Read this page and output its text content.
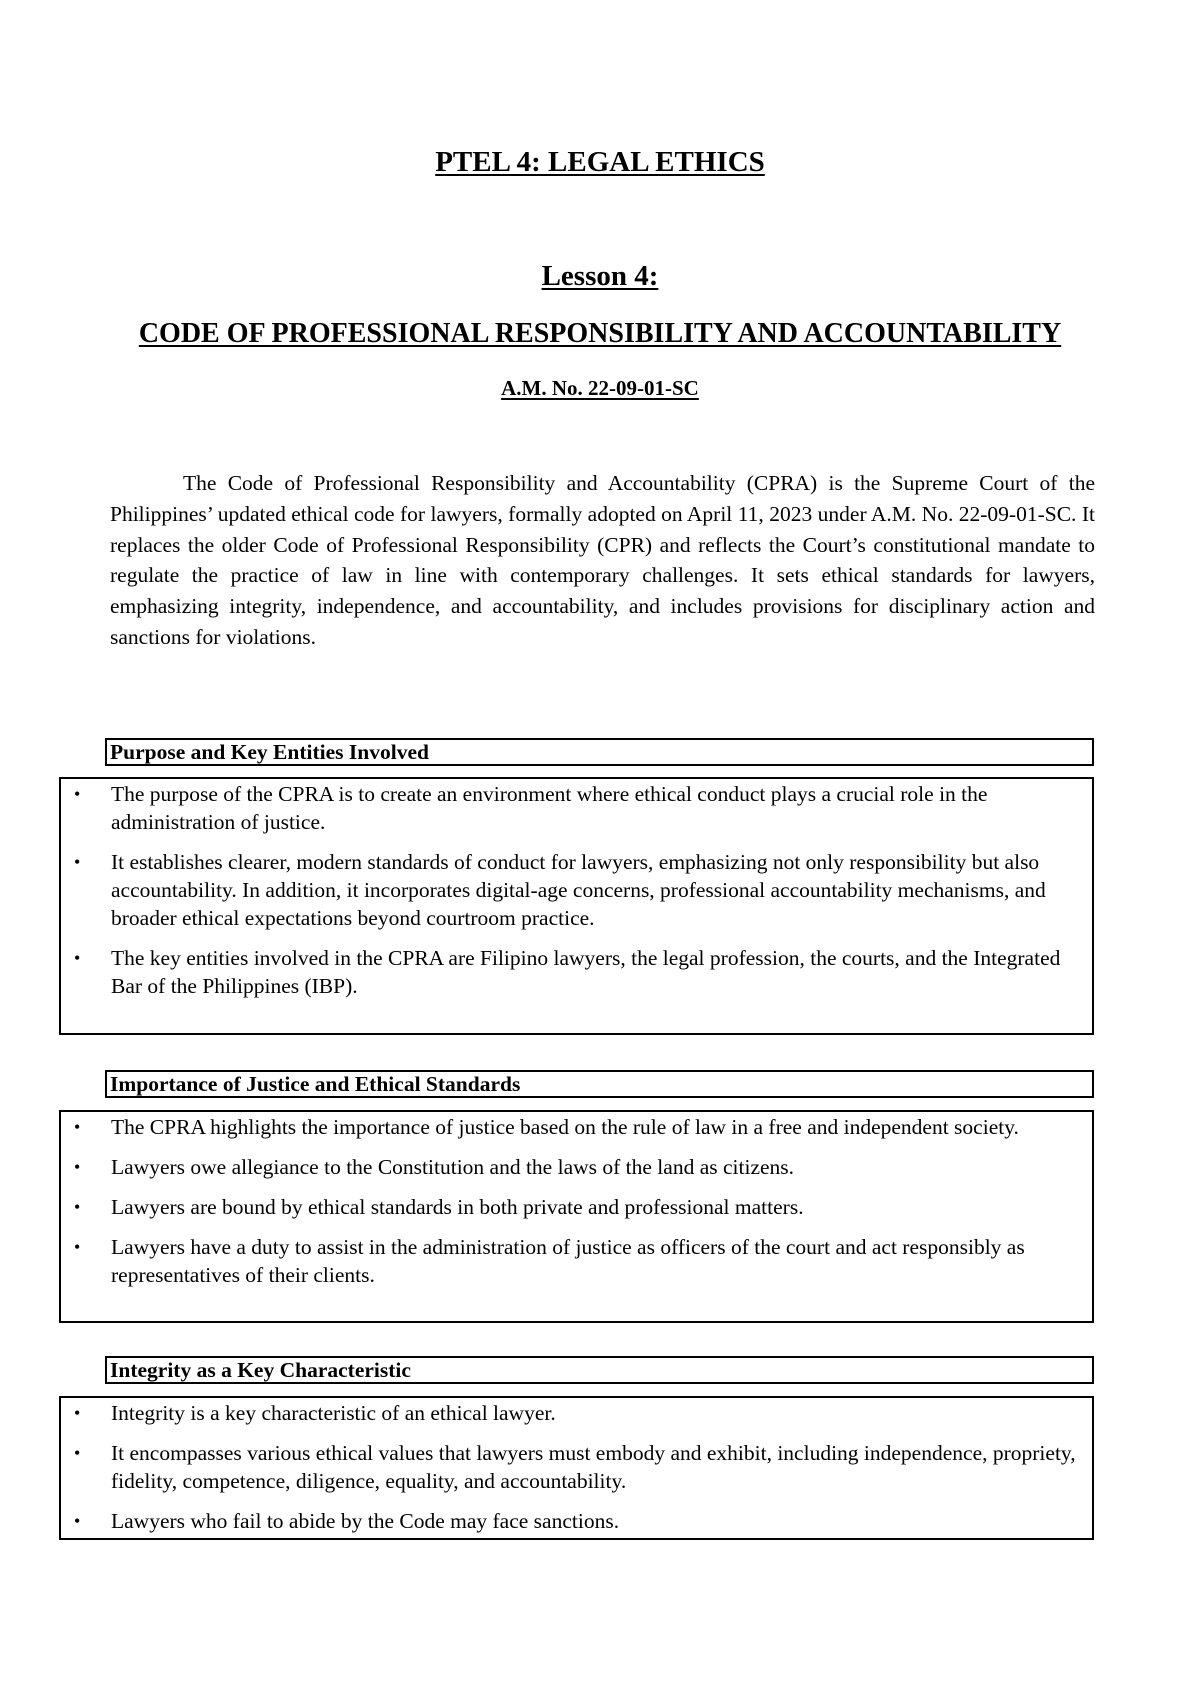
PTEL 4: LEGAL ETHICS
Lesson 4:
CODE OF PROFESSIONAL RESPONSIBILITY AND ACCOUNTABILITY
A.M. No. 22-09-01-SC

The Code of Professional Responsibility and Accountability (CPRA) is the Supreme Court of the Philippines’ updated ethical code for lawyers, formally adopted on April 11, 2023 under A.M. No. 22-09-01-SC. It replaces the older Code of Professional Responsibility (CPR) and reflects the Court’s constitutional mandate to regulate the practice of law in line with contemporary challenges. It sets ethical standards for lawyers, emphasizing integrity, independence, and accountability, and includes provisions for disciplinary action and sanctions for violations.

Purpose and Key Entities Involved
• The purpose of the CPRA is to create an environment where ethical conduct plays a crucial role in the administration of justice.
• It establishes clearer, modern standards of conduct for lawyers, emphasizing not only responsibility but also accountability. In addition, it incorporates digital-age concerns, professional accountability mechanisms, and broader ethical expectations beyond courtroom practice.
• The key entities involved in the CPRA are Filipino lawyers, the legal profession, the courts, and the Integrated Bar of the Philippines (IBP).
Importance of Justice and Ethical Standards
• The CPRA highlights the importance of justice based on the rule of law in a free and independent society.
• Lawyers owe allegiance to the Constitution and the laws of the land as citizens.
• Lawyers are bound by ethical standards in both private and professional matters.
• Lawyers have a duty to assist in the administration of justice as officers of the court and act responsibly as representatives of their clients.
Integrity as a Key Characteristic
• Integrity is a key characteristic of an ethical lawyer.
• It encompasses various ethical values that lawyers must embody and exhibit, including independence, propriety, fidelity, competence, diligence, equality, and accountability.
• Lawyers who fail to abide by the Code may face sanctions.
